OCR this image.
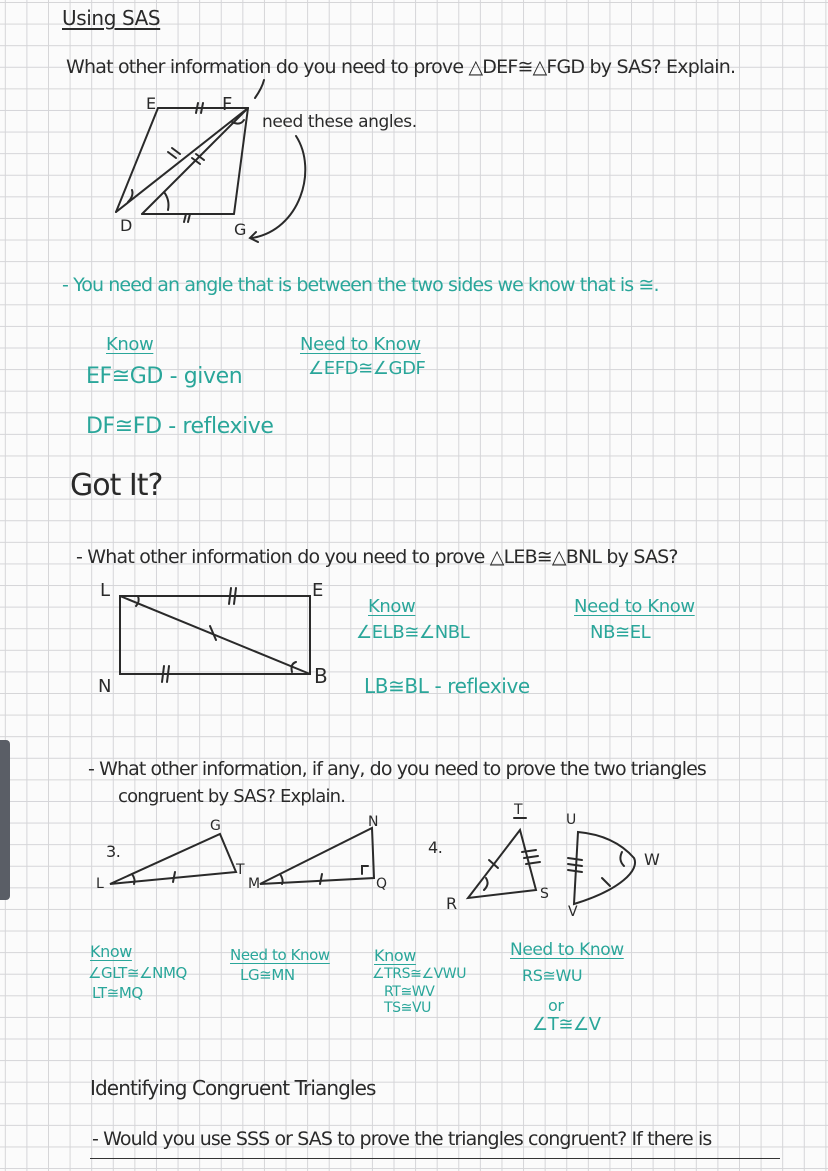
Using SAS
What other information do you need to prove △DEF≅△FGD by SAS? Explain.
need these angles.
E	F
D	G
- You need an angle that is between the two sides we know that is ≅.
Know
EF≅GD - given
DF≅FD - reflexive
Need to Know
∠EFD≅∠GDF
Got It?
- What other information do you need to prove △LEB≅△BNL by SAS?
L	E
N	B
Know
∠ELB≅∠NBL
LB≅BL - reflexive
Need to Know
NB≅EL
- What other information, if any, do you need to prove the two triangles
congruent by SAS? Explain.
3.
G
L
T
M
N
Q
4.
T
U
R	S
V
W
Know
∠GLT≅∠NMQ
LT≅MQ
Need to Know
LG≅MN
Know
∠TRS≅∠VWU
RT≅WV
TS≅VU
Need to Know
RS≅WU
or
∠T≅∠V
Identifying Congruent Triangles
- Would you use SSS or SAS to prove the triangles congruent? If there is
